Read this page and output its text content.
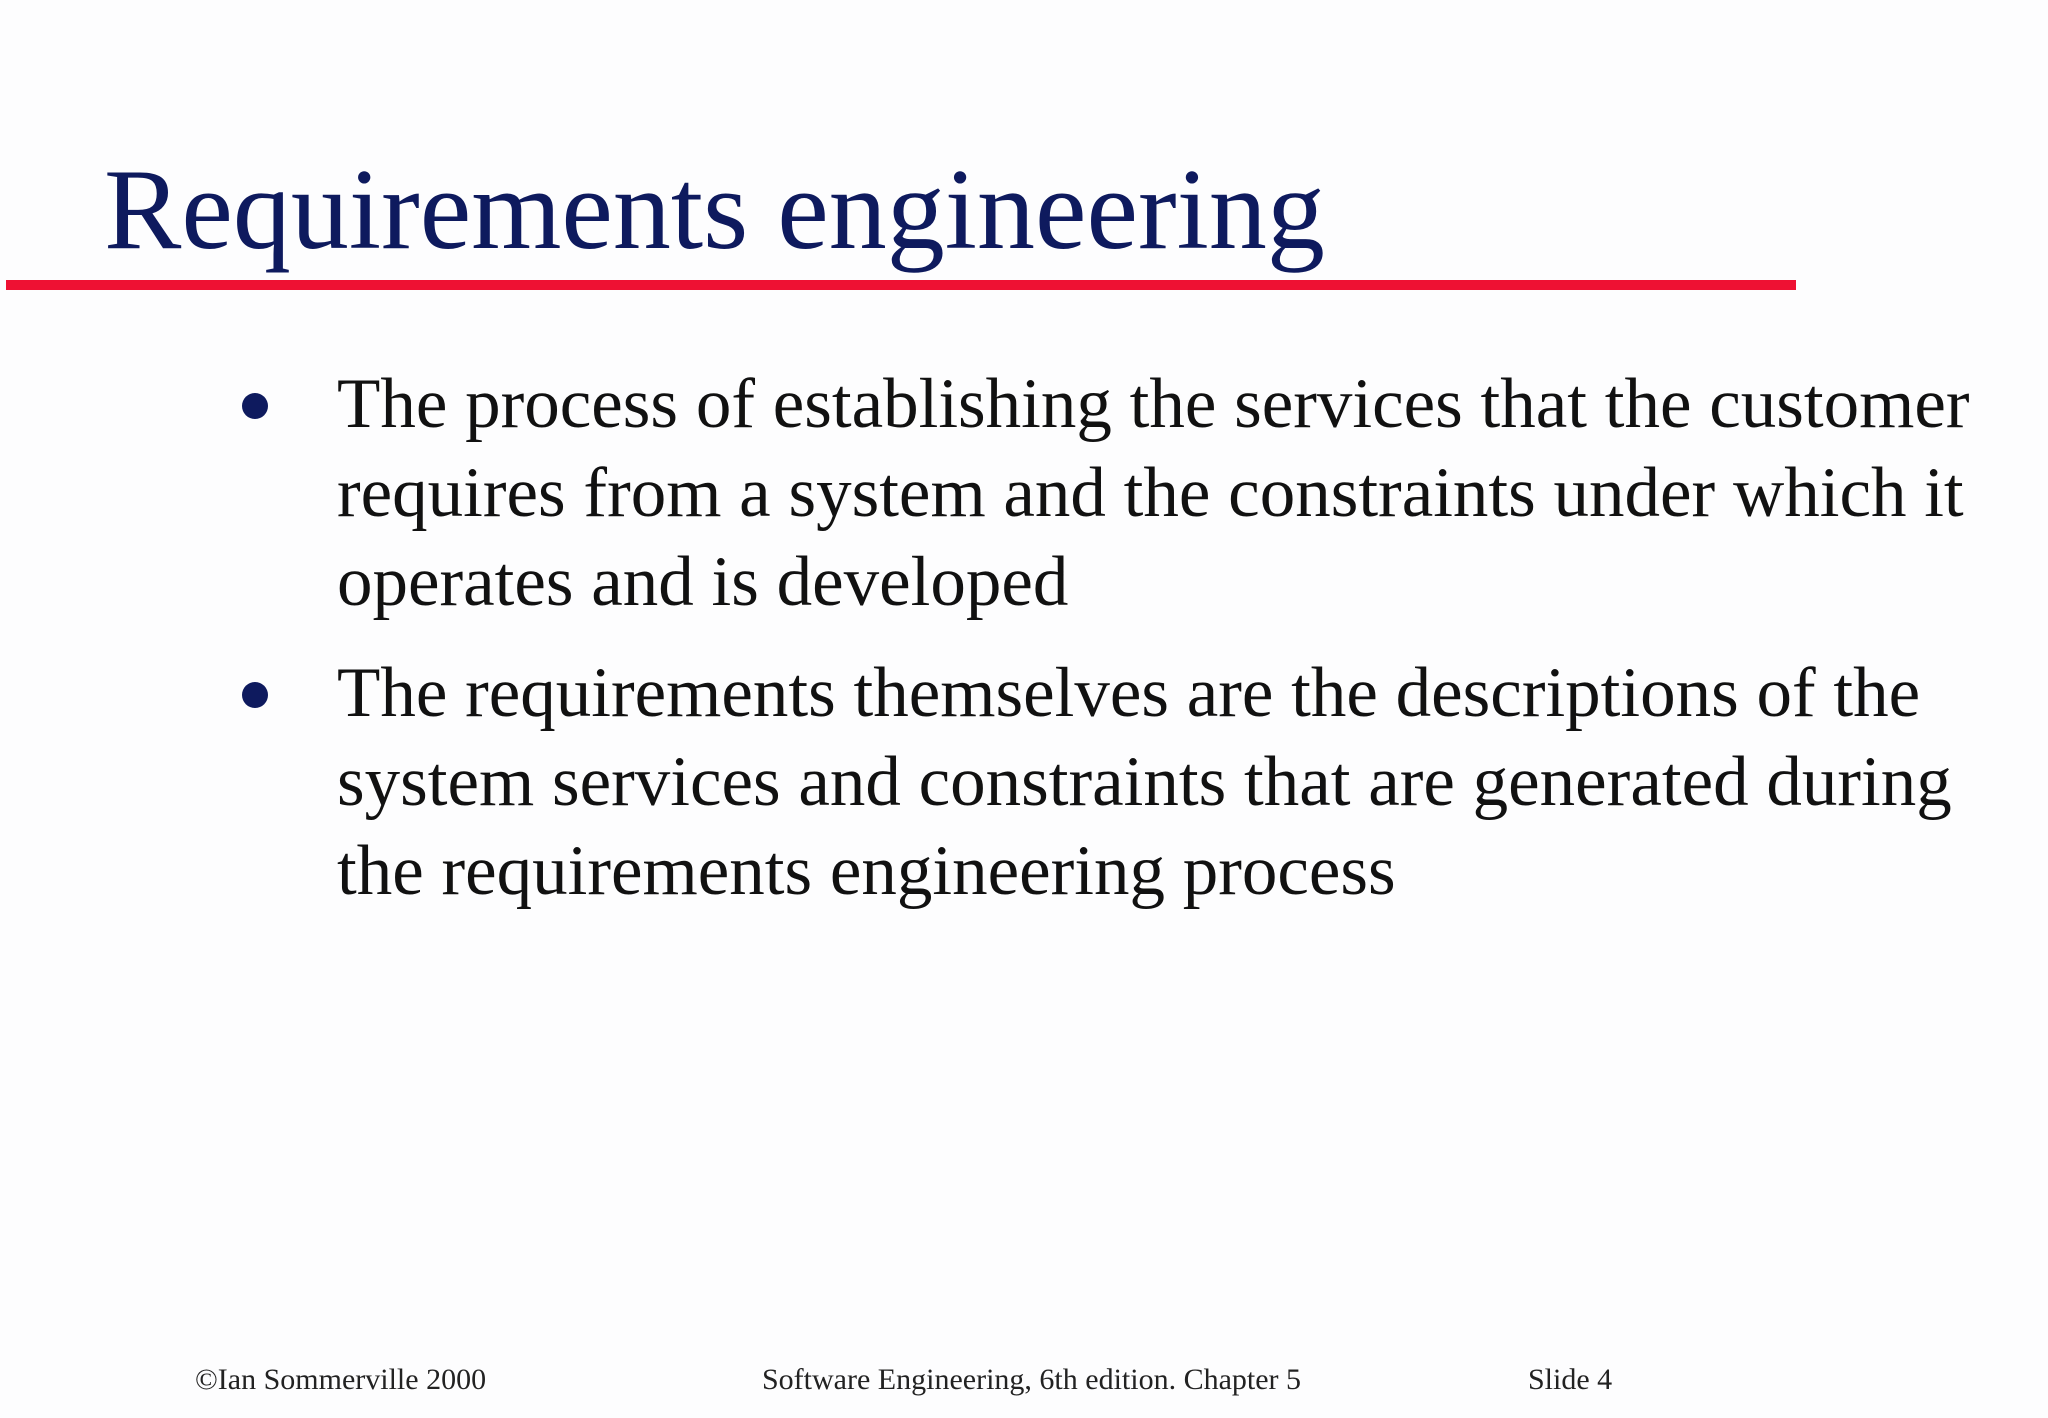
Requirements engineering
The process of establishing the services that the customer requires from a system and the constraints under which it operates and is developed
The requirements themselves are the descriptions of the system services and constraints that are generated during the requirements engineering process
©Ian Sommerville 2000	Software Engineering, 6th edition. Chapter 5	Slide 4
